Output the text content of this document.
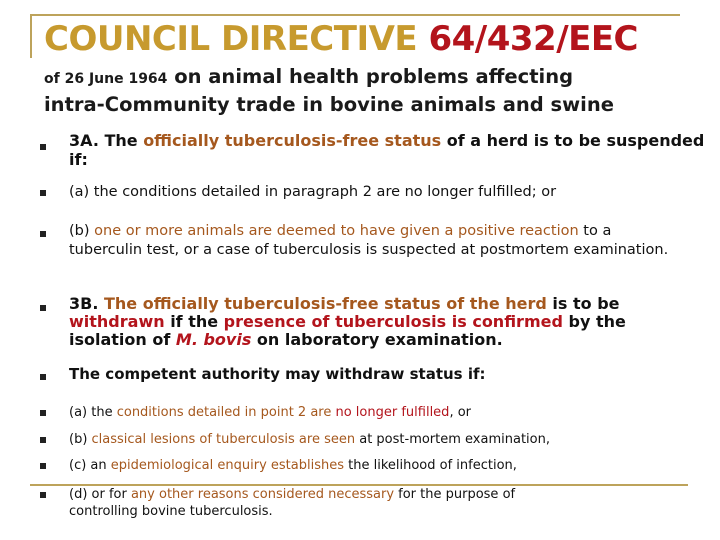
COUNCIL DIRECTIVE 64/432/EEC
of 26 June 1964 on animal health problems affecting
intra-Community trade in bovine animals and swine
3A. The officially tuberculosis-free status of a herd is to be suspended if:
(a) the conditions detailed in paragraph 2 are no longer fulfilled; or
(b) one or more animals are deemed to have given a positive reaction to a tuberculin test, or a case of tuberculosis is suspected at postmortem examination.
3B. The officially tuberculosis-free status of the herd is to be withdrawn if the presence of tuberculosis is confirmed by the isolation of M. bovis on laboratory examination.
The competent authority may withdraw status if:
(a) the conditions detailed in point 2 are no longer fulfilled, or
(b) classical lesions of tuberculosis are seen at post-mortem examination,
(c) an epidemiological enquiry establishes the likelihood of infection,
(d) or for any other reasons considered necessary for the purpose of controlling bovine tuberculosis.
